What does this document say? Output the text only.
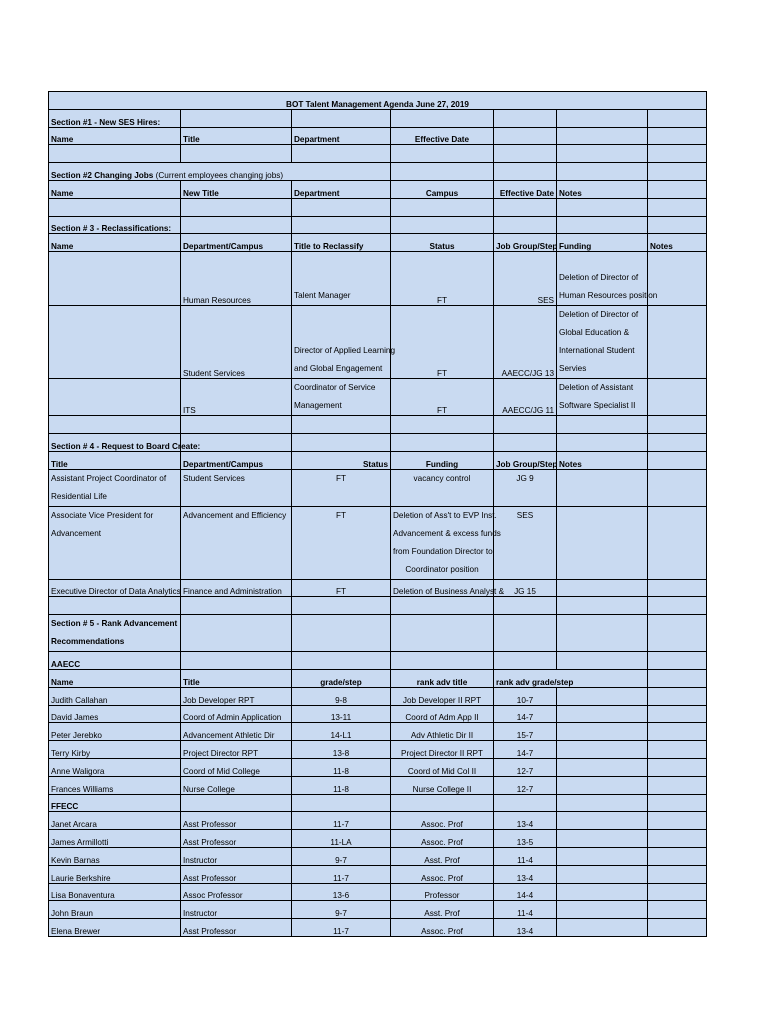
BOT Talent Management Agenda June 27, 2019						
Section #1 - New SES Hires:						
Name	Title	Department	Effective Date			

Section #2 Changing Jobs (Current employees changing jobs)						
Name	New Title	Department	Campus	Effective Date	Notes	

Section # 3 - Reclassifications:						
Name	Department/Campus	Title to Reclassify	Status	Job Group/Step	Funding	Notes
	Human Resources	Talent Manager	FT	SES	Deletion of Director of
Human Resources position	

	Student Services	Director of Applied Learning
and Global Engagement	FT	AAECC/JG 13	Deletion of Director of
Global Education &
International Student
Servies	

	ITS	Coordinator of Service
Management	FT	AAECC/JG 11	Deletion of Assistant
Software Specialist II	

Section # 4 - Request to Board Create:						
Title	Department/Campus	Status	Funding	Job Group/Step	Notes	

Assistant Project Coordinator of
Residential Life	Student Services	FT	vacancy control	JG 9		

Associate Vice President for
Advancement	Advancement and Efficiency	FT	Deletion of Ass't to EVP Inst.
Advancement & excess funds
from Foundation Director to
Coordinator position	SES		

Executive Director of Data Analytics	Finance and Administration	FT	Deletion of Business Analyst &	JG 15		

Section # 5 - Rank Advancement
Recommendations						

AAECC						
Name	Title	grade/step	rank adv title	rank adv grade/step		
Judith Callahan	Job Developer RPT	9-8	Job Developer II RPT	10-7		
David James	Coord of Admin Application	13-11	Coord of Adm App II	14-7		
Peter Jerebko	Advancement Athletic Dir	14-L1	Adv Athletic Dir II	15-7		
Terry Kirby	Project Director RPT	13-8	Project Director II RPT	14-7		
Anne Waligora	Coord of Mid College	11-8	Coord of Mid Col II	12-7		
Frances Williams	Nurse College	11-8	Nurse College II	12-7		
FFECC						
Janet Arcara	Asst Professor	11-7	Assoc. Prof	13-4		
James Armillotti	Asst Professor	11-LA	Assoc. Prof	13-5		
Kevin Barnas	Instructor	9-7	Asst. Prof	11-4		
Laurie Berkshire	Asst Professor	11-7	Assoc. Prof	13-4		
Lisa Bonaventura	Assoc Professor	13-6	Professor	14-4		
John Braun	Instructor	9-7	Asst. Prof	11-4		
Elena Brewer	Asst Professor	11-7	Assoc. Prof	13-4		
